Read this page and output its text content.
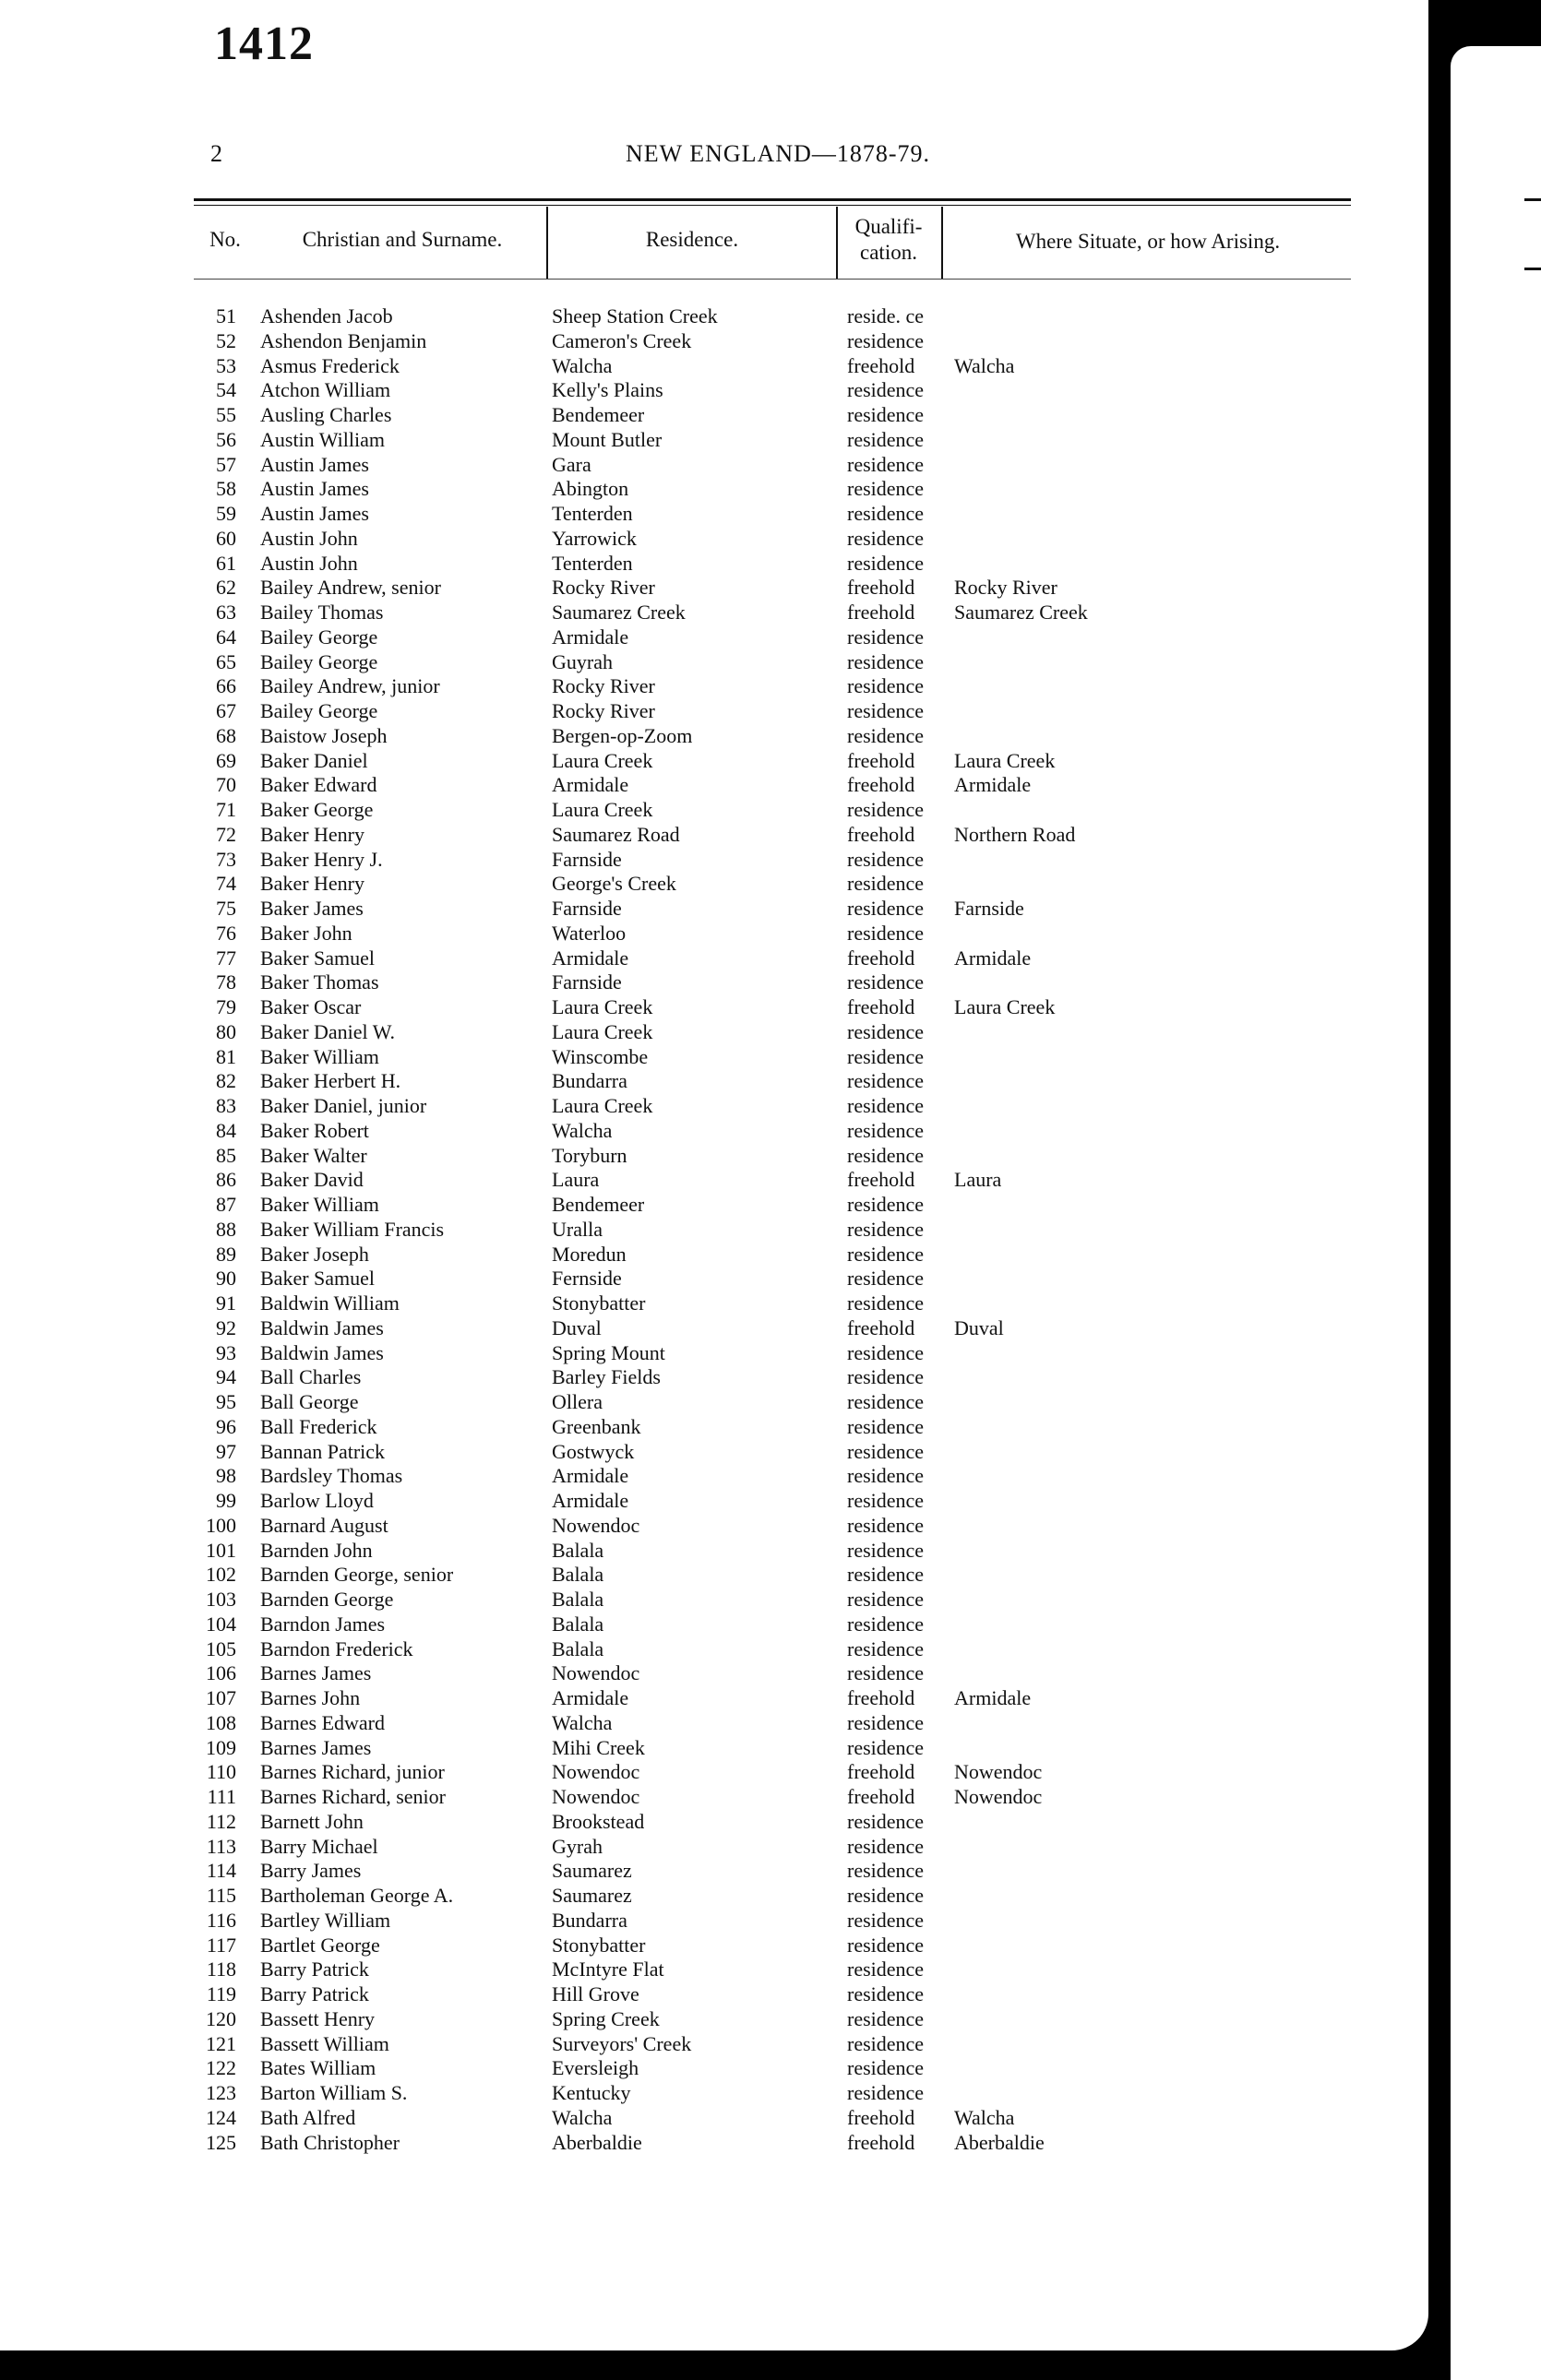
1412
2	NEW ENGLAND—1878-79.
No.	Christian and Surname.	Residence.
Qualifi-
cation.	Where Situate, or how Arising.
51 Ashenden Jacob	Sheep Station Creek	reside. ce
52 Ashendon Benjamin	Cameron's Creek	residence
53 Asmus Frederick	Walcha	freehold Walcha
54 Atchon William	Kelly's Plains	residence
55 Ausling Charles	Bendemeer	residence
56 Austin William	Mount Butler	residence
57 Austin James	Gara	residence
58 Austin James	Abington	residence
59 Austin James	Tenterden	residence
60 Austin John	Yarrowick	residence
61 Austin John	Tenterden	residence
62 Bailey Andrew, senior	Rocky River	freehold Rocky River
63 Bailey Thomas	Saumarez Creek	freehold Saumarez Creek
64 Bailey George	Armidale	residence
65 Bailey George	Guyrah	residence
66 Bailey Andrew, junior	Rocky River	residence
67 Bailey George	Rocky River	residence
68 Baistow Joseph	Bergen-op-Zoom	residence
69 Baker Daniel	Laura Creek	freehold Laura Creek
70 Baker Edward	Armidale	freehold Armidale
71 Baker George	Laura Creek	residence
72 Baker Henry	Saumarez Road	freehold Northern Road
73 Baker Henry J.	Farnside	residence
74 Baker Henry	George's Creek	residence
75 Baker James	Farnside	residence Farnside
76 Baker John	Waterloo	residence
77 Baker Samuel	Armidale	freehold Armidale
78 Baker Thomas	Farnside	residence
79 Baker Oscar	Laura Creek	freehold Laura Creek
80 Baker Daniel W.	Laura Creek	residence
81 Baker William	Winscombe	residence
82 Baker Herbert H.	Bundarra	residence
83 Baker Daniel, junior	Laura Creek	residence
84 Baker Robert	Walcha	residence
85 Baker Walter	Toryburn	residence
86 Baker David	Laura	freehold Laura
87 Baker William	Bendemeer	residence
88 Baker William Francis	Uralla	residence
89 Baker Joseph	Moredun	residence
90 Baker Samuel	Fernside	residence
91 Baldwin William	Stonybatter	residence
92 Baldwin James	Duval	freehold Duval
93 Baldwin James	Spring Mount	residence
94 Ball Charles	Barley Fields	residence
95 Ball George	Ollera	residence
96 Ball Frederick	Greenbank	residence
97 Bannan Patrick	Gostwyck	residence
98 Bardsley Thomas	Armidale	residence
99 Barlow Lloyd	Armidale	residence
100 Barnard August	Nowendoc	residence
101 Barnden John	Balala	residence
102 Barnden George, senior	Balala	residence
103 Barnden George	Balala	residence
104 Barndon James	Balala	residence
105 Barndon Frederick	Balala	residence
106 Barnes James	Nowendoc	residence
107 Barnes John	Armidale	freehold Armidale
108 Barnes Edward	Walcha	residence
109 Barnes James	Mihi Creek	residence
110 Barnes Richard, junior	Nowendoc	freehold Nowendoc
111 Barnes Richard, senior	Nowendoc	freehold Nowendoc
112 Barnett John	Brookstead	residence
113 Barry Michael	Gyrah	residence
114 Barry James	Saumarez	residence
115 Bartholeman George A.	Saumarez	residence
116 Bartley William	Bundarra	residence
117 Bartlet George	Stonybatter	residence
118 Barry Patrick	McIntyre Flat	residence
119 Barry Patrick	Hill Grove	residence
120 Bassett Henry	Spring Creek	residence
121 Bassett William	Surveyors' Creek	residence
122 Bates William	Eversleigh	residence
123 Barton William S.	Kentucky	residence
124 Bath Alfred	Walcha	freehold Walcha
125 Bath Christopher	Aberbaldie	freehold Aberbaldie
